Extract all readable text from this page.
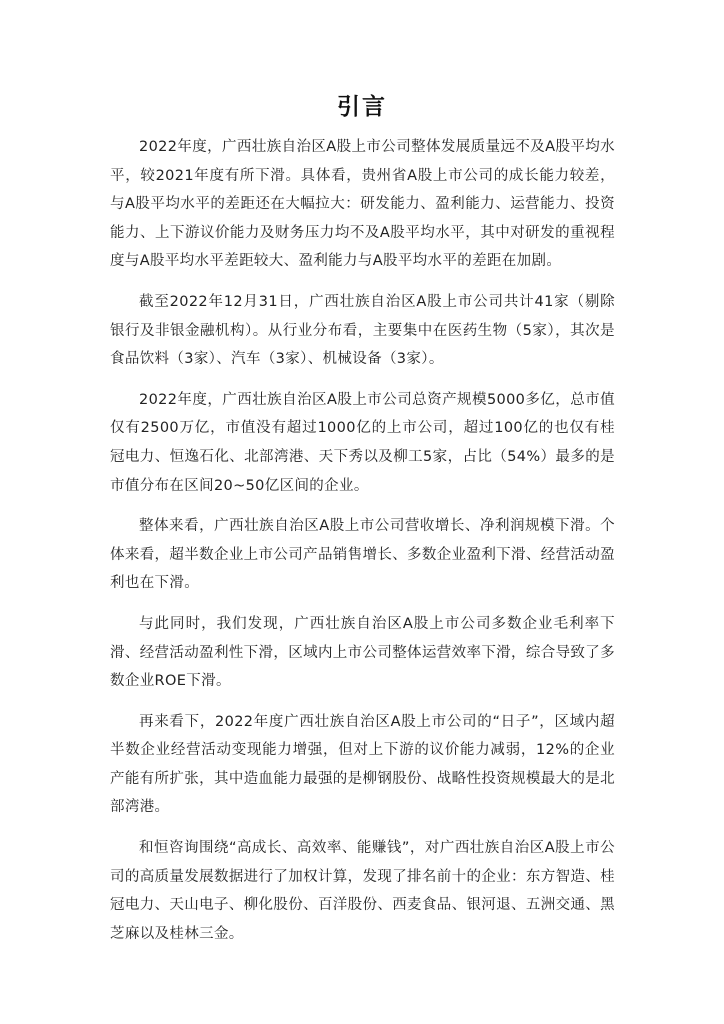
引言

2022年度，广西壮族自治区A股上市公司整体发展质量远不及A股平均水平，较2021年度有所下滑。具体看，贵州省A股上市公司的成长能力较差，与A股平均水平的差距还在大幅拉大：研发能力、盈利能力、运营能力、投资能力、上下游议价能力及财务压力均不及A股平均水平，其中对研发的重视程度与A股平均水平差距较大、盈利能力与A股平均水平的差距在加剧。

截至2022年12月31日，广西壮族自治区A股上市公司共计41家（剔除银行及非银金融机构）。从行业分布看，主要集中在医药生物（5家），其次是食品饮料（3家）、汽车（3家）、机械设备（3家）。

2022年度，广西壮族自治区A股上市公司总资产规模5000多亿，总市值仅有2500万亿，市值没有超过1000亿的上市公司，超过100亿的也仅有桂冠电力、恒逸石化、北部湾港、天下秀以及柳工5家，占比（54%）最多的是市值分布在区间20~50亿区间的企业。

整体来看，广西壮族自治区A股上市公司营收增长、净利润规模下滑。个体来看，超半数企业上市公司产品销售增长、多数企业盈利下滑、经营活动盈利也在下滑。

与此同时，我们发现，广西壮族自治区A股上市公司多数企业毛利率下滑、经营活动盈利性下滑，区域内上市公司整体运营效率下滑，综合导致了多数企业ROE下滑。

再来看下，2022年度广西壮族自治区A股上市公司的“日子”，区域内超半数企业经营活动变现能力增强，但对上下游的议价能力减弱，12%的企业产能有所扩张，其中造血能力最强的是柳钢股份、战略性投资规模最大的是北部湾港。

和恒咨询围绕“高成长、高效率、能赚钱”，对广西壮族自治区A股上市公司的高质量发展数据进行了加权计算，发现了排名前十的企业：东方智造、桂冠电力、天山电子、柳化股份、百洋股份、西麦食品、银河退、五洲交通、黑芝麻以及桂林三金。
